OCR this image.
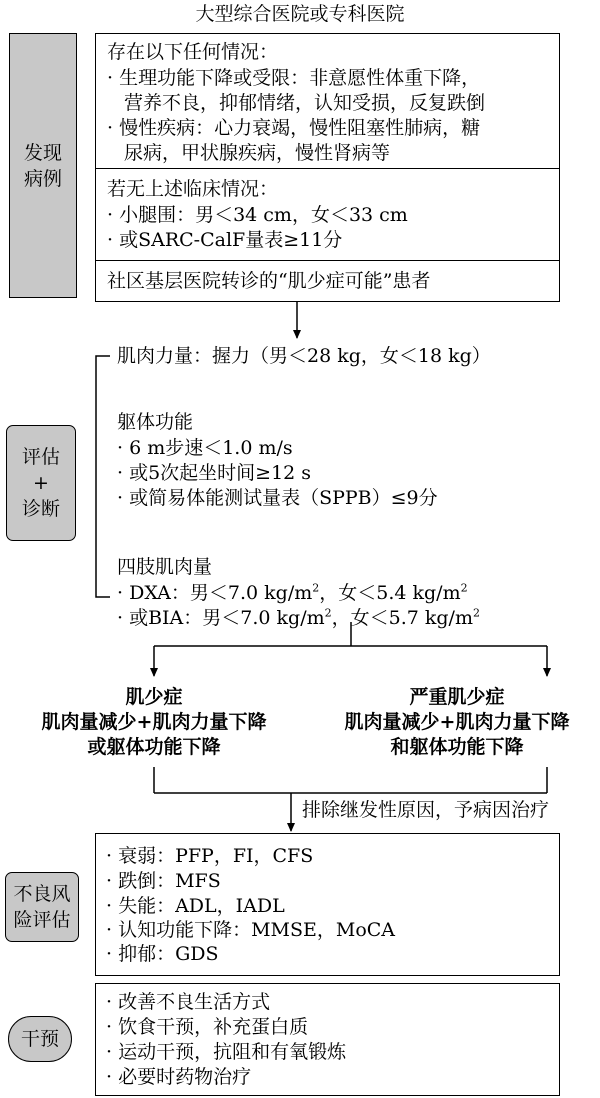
大型综合医院或专科医院
发现
病例
评估
+
诊断
不良风
险评估
干预
存在以下任何情况：
· 生理功能下降或受限：非意愿性体重下降，
营养不良，抑郁情绪，认知受损，反复跌倒
· 慢性疾病：心力衰竭，慢性阻塞性肺病，糖
尿病，甲状腺疾病，慢性肾病等
若无上述临床情况：
· 小腿围：男＜34 cm，女＜33 cm
· 或SARC-CalF量表≥11分
社区基层医院转诊的“肌少症可能”患者
肌肉力量：握力（男＜28 kg，女＜18 kg）
躯体功能
· 6 m步速＜1.0 m/s
· 或5次起坐时间≥12 s
· 或简易体能测试量表（SPPB）≤9分
四肢肌肉量
· DXA：男＜7.0 $kg/m^2$，女＜5.4 $kg/m^2$
· 或BIA：男＜7.0 $kg/m^2$，女＜5.7 $kg/m^2$
肌少症
肌肉量减少+肌肉力量下降
或躯体功能下降
严重肌少症
肌肉量减少+肌肉力量下降
和躯体功能下降
排除继发性原因，予病因治疗
· 衰弱：PFP，FI，CFS
· 跌倒：MFS
· 失能：ADL，IADL
· 认知功能下降：MMSE，MoCA
· 抑郁：GDS
· 改善不良生活方式
· 饮食干预，补充蛋白质
· 运动干预，抗阻和有氧锻炼
· 必要时药物治疗
